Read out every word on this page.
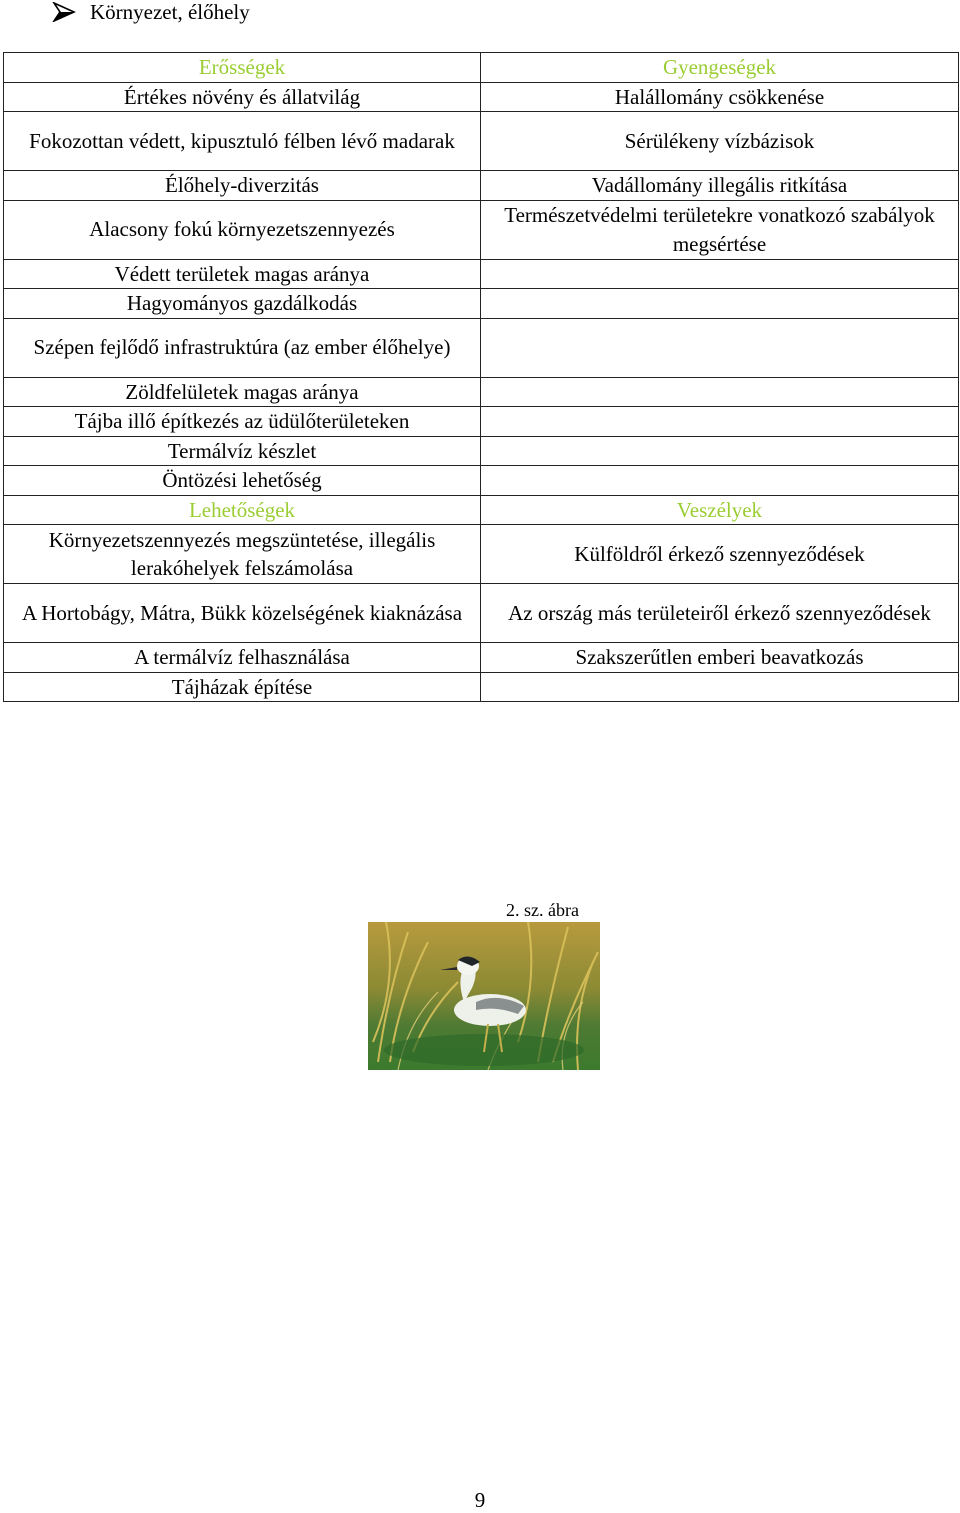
Környezet, élőhely
Erősségek	Gyengeségek
Értékes növény és állatvilág	Halállomány csökkenése
Fokozottan védett, kipusztuló félben lévő madarak	Sérülékeny vízbázisok
Élőhely-diverzitás	Vadállomány illegális ritkítása
Alacsony fokú környezetszennyezés	Természetvédelmi területekre vonatkozó szabályok megsértése
Védett területek magas aránya	
Hagyományos gazdálkodás	
Szépen fejlődő infrastruktúra (az ember élőhelye)	
Zöldfelületek magas aránya	
Tájba illő építkezés az üdülőterületeken	
Termálvíz készlet	
Öntözési lehetőség	
Lehetőségek	Veszélyek
Környezetszennyezés megszüntetése, illegális lerakóhelyek felszámolása	Külföldről érkező szennyeződések
A Hortobágy, Mátra, Bükk közelségének kiaknázása	Az ország más területeiről érkező szennyeződések
A termálvíz felhasználása	Szakszerűtlen emberi beavatkozás
Tájházak építése	
2. sz. ábra
9
